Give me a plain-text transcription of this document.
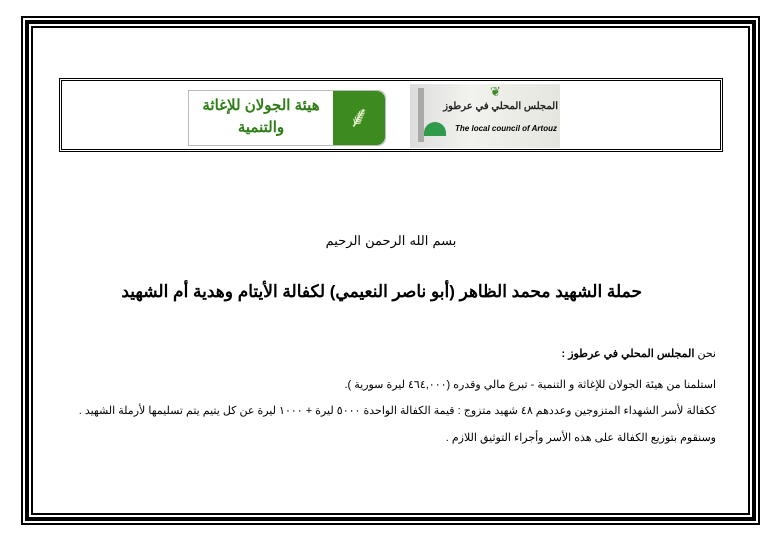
هيئة الجولان للإغاثة والتنمية	⸙
❦
المجلس المحلي في عرطوز
The local council of Artouz
بسم الله الرحمن الرحيم
حملة الشهيد محمد الظاهر (أبو ناصر النعيمي) لكفالة الأيتام وهدية أم الشهيد
نحن المجلس المحلي في عرطوز :
استلمنا من هيئة الجولان للإغاثة و التنمية - تبرع مالي وقدره (٤٦٤,٠٠٠ ليرة سورية ).
ككفالة لأسر الشهداء المتزوجين وعددهم ٤٨ شهيد متزوج : قيمة الكفالة الواحدة ٥٠٠٠ ليرة + ١٠٠٠ ليرة عن كل يتيم يتم تسليمها لأرملة الشهيد .
وسنقوم بتوزيع الكفالة على هذه الأسر وأجراء التوثيق اللازم .
